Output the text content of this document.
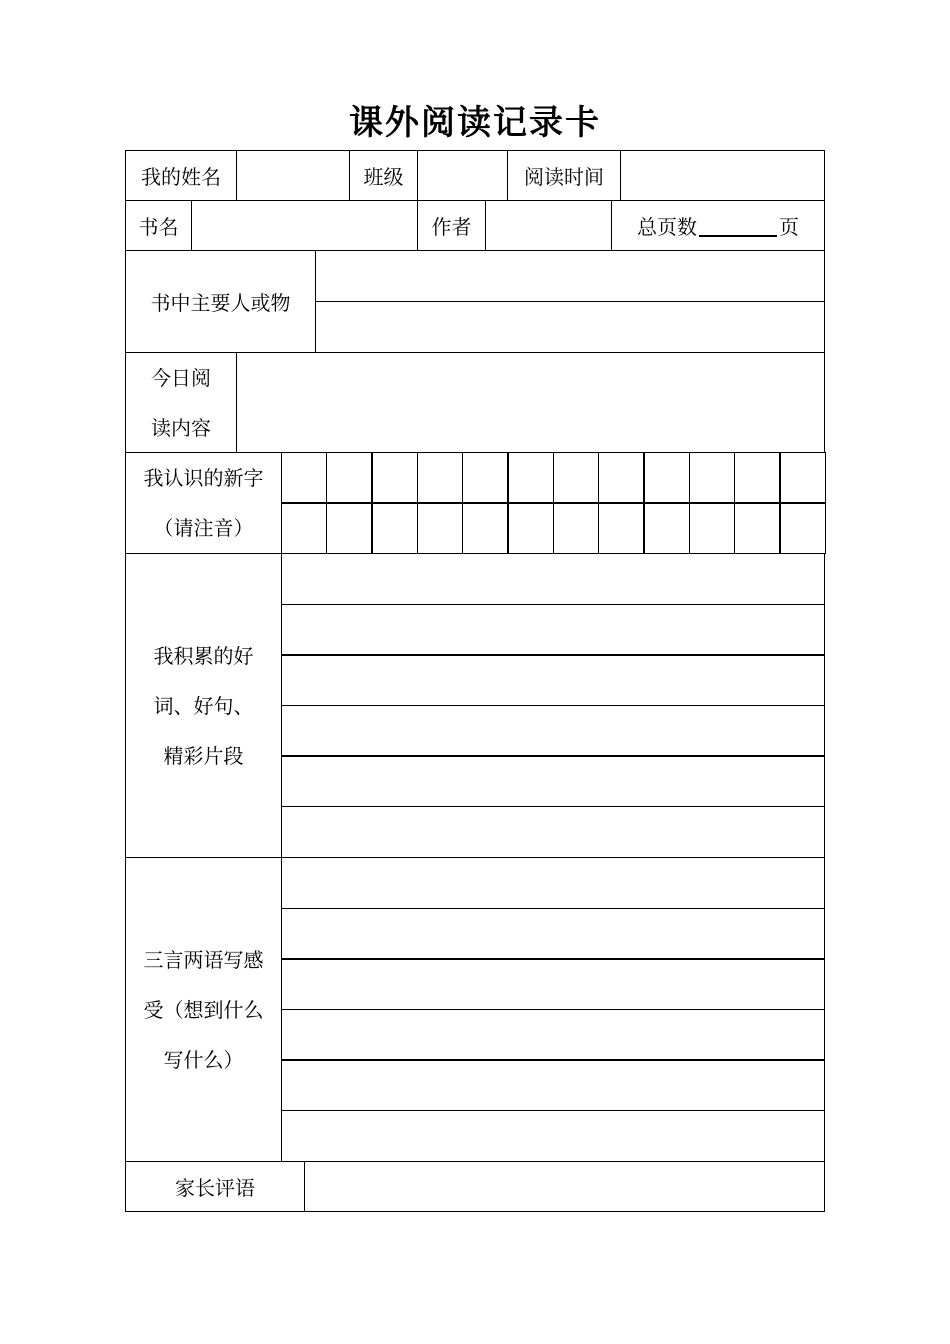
课外阅读记录卡
我的姓名	班级	阅读时间
书名	作者	总页数	页
书中主要人或物
今日阅
读内容
我认识的新字
（请注音）
我积累的好
词、好句、
精彩片段
三言两语写感
受（想到什么
写什么）
家长评语
